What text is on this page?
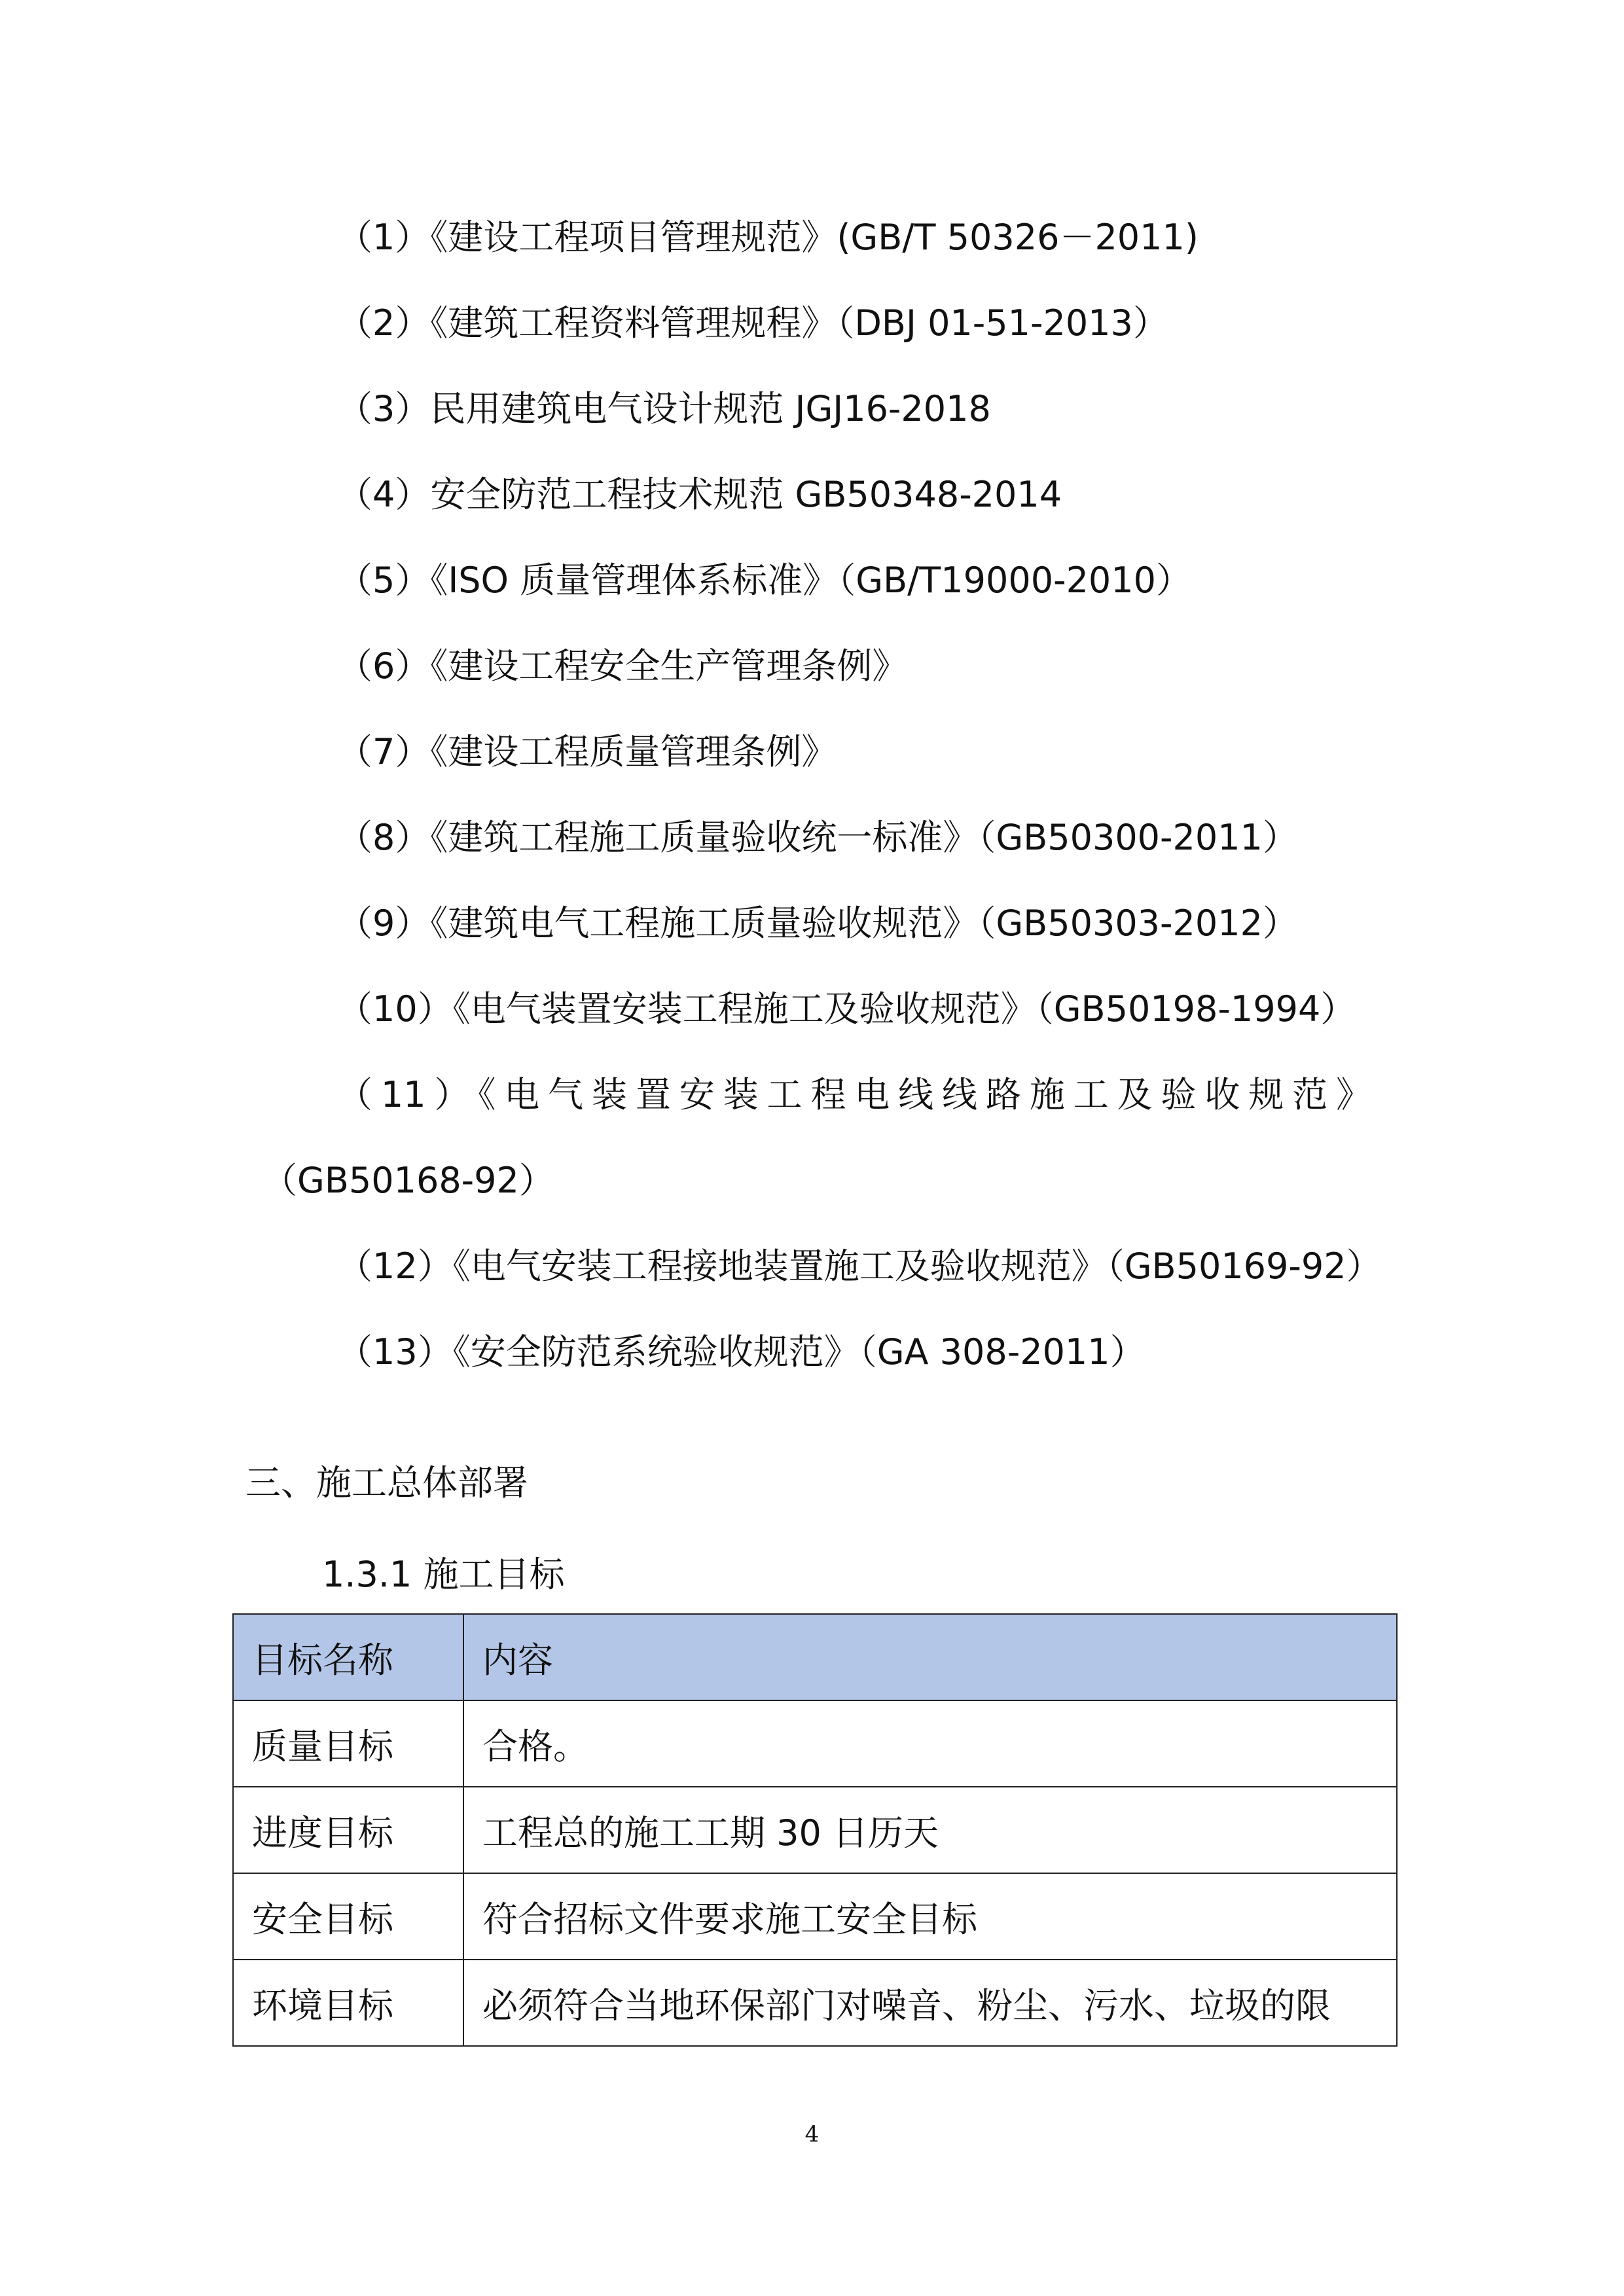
（1）《建设工程项目管理规范》(GB/T 50326－2011)
（2）《建筑工程资料管理规程》（DBJ 01-51-2013）
（3）民用建筑电气设计规范 JGJ16-2018
（4）安全防范工程技术规范 GB50348-2014
（5）《ISO 质量管理体系标准》（GB/T19000-2010）
（6）《建设工程安全生产管理条例》
（7）《建设工程质量管理条例》
（8）《建筑工程施工质量验收统一标准》（GB50300-2011）
（9）《建筑电气工程施工质量验收规范》（GB50303-2012）
（10）《电气装置安装工程施工及验收规范》（GB50198-1994）
（11）《电气装置安装工程电线线路施工及验收规范》
（GB50168-92）
（12）《电气安装工程接地装置施工及验收规范》（GB50169-92）
（13）《安全防范系统验收规范》（GA 308-2011）
三、施工总体部署
1.3.1 施工目标
目标名称	内容
质量目标	合格。
进度目标	工程总的施工工期 30 日历天
安全目标	符合招标文件要求施工安全目标
环境目标	必须符合当地环保部门对噪音、粉尘、污水、垃圾的限
4
